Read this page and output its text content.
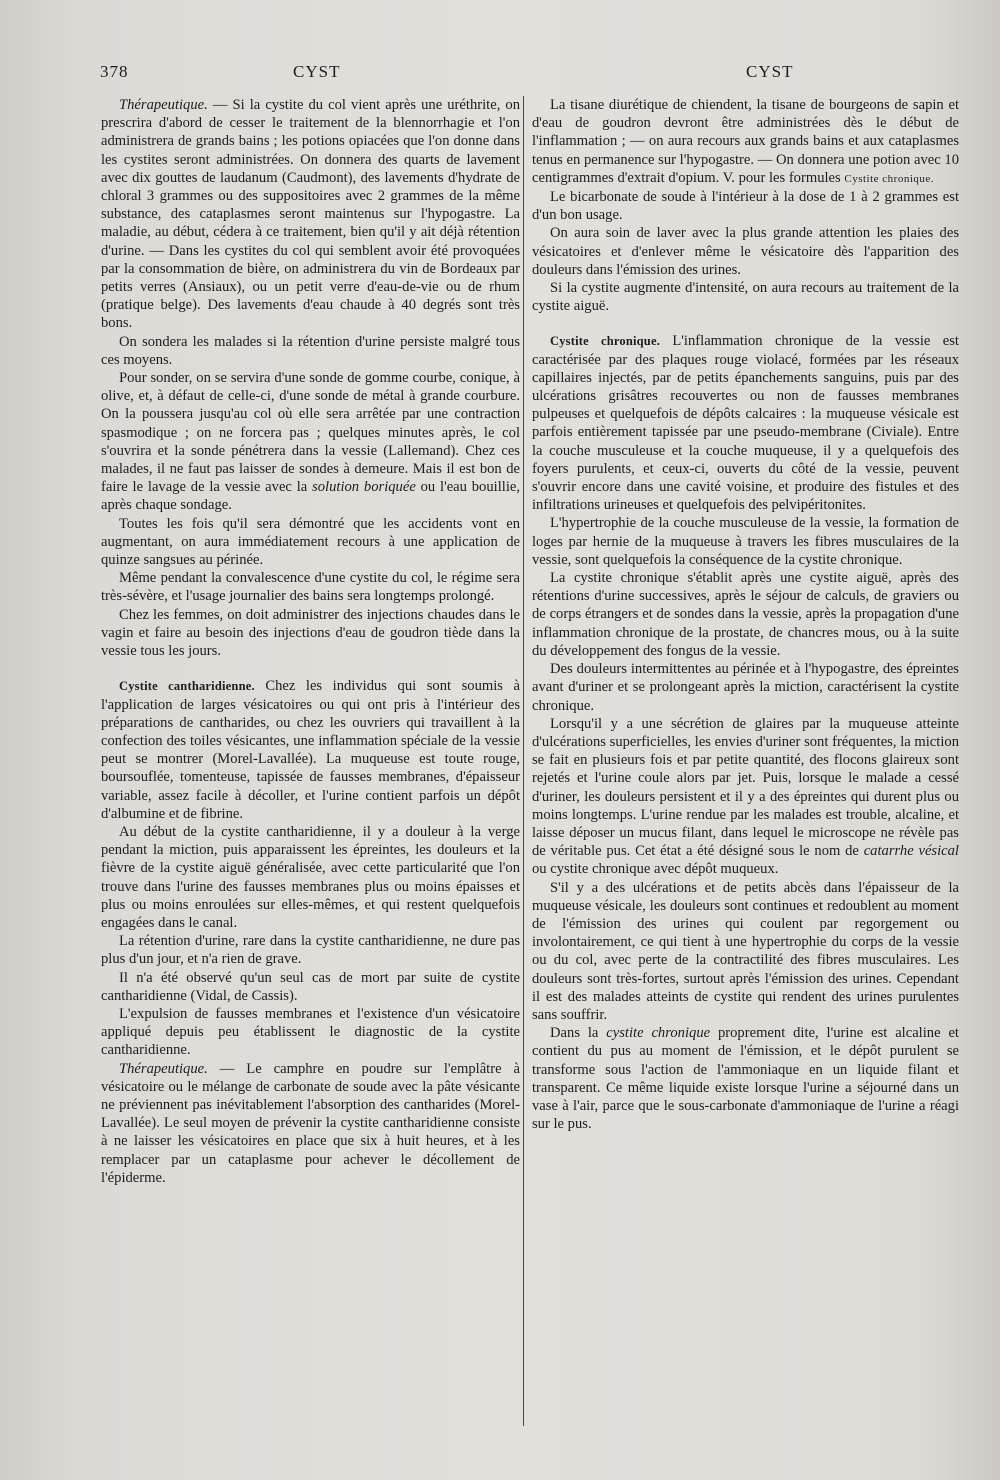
378	CYST	CYST

Thérapeutique. — Si la cystite du col vient après une uréthrite, on prescrira d'abord de cesser le traitement de la blennorrhagie et l'on administrera de grands bains ; les potions opiacées que l'on donne dans les cystites seront administrées. On donnera des quarts de lavement avec dix gouttes de laudanum (Caudmont), des lavements d'hydrate de chloral 3 grammes ou des suppositoires avec 2 grammes de la même substance, des cataplasmes seront maintenus sur l'hypogastre. La maladie, au début, cédera à ce traitement, bien qu'il y ait déjà rétention d'urine. — Dans les cystites du col qui semblent avoir été provoquées par la consommation de bière, on administrera du vin de Bordeaux par petits verres (Ansiaux), ou un petit verre d'eau-de-vie ou de rhum (pratique belge). Des lavements d'eau chaude à 40 degrés sont très bons.

On sondera les malades si la rétention d'urine persiste malgré tous ces moyens.

Pour sonder, on se servira d'une sonde de gomme courbe, conique, à olive, et, à défaut de celle-ci, d'une sonde de métal à grande courbure. On la poussera jusqu'au col où elle sera arrêtée par une contraction spasmodique ; on ne forcera pas ; quelques minutes après, le col s'ouvrira et la sonde pénétrera dans la vessie (Lallemand). Chez ces malades, il ne faut pas laisser de sondes à demeure. Mais il est bon de faire le lavage de la vessie avec la solution boriquée ou l'eau bouillie, après chaque sondage.

Toutes les fois qu'il sera démontré que les accidents vont en augmentant, on aura immédiatement recours à une application de quinze sangsues au périnée.

Même pendant la convalescence d'une cystite du col, le régime sera très-sévère, et l'usage journalier des bains sera longtemps prolongé.

Chez les femmes, on doit administrer des injections chaudes dans le vagin et faire au besoin des injections d'eau de goudron tiède dans la vessie tous les jours.

Cystite cantharidienne. Chez les individus qui sont soumis à l'application de larges vésicatoires ou qui ont pris à l'intérieur des préparations de cantharides, ou chez les ouvriers qui travaillent à la confection des toiles vésicantes, une inflammation spéciale de la vessie peut se montrer (Morel-Lavallée). La muqueuse est toute rouge, boursouflée, tomenteuse, tapissée de fausses membranes, d'épaisseur variable, assez facile à décoller, et l'urine contient parfois un dépôt d'albumine et de fibrine.

Au début de la cystite cantharidienne, il y a douleur à la verge pendant la miction, puis apparaissent les épreintes, les douleurs et la fièvre de la cystite aiguë généralisée, avec cette particularité que l'on trouve dans l'urine des fausses membranes plus ou moins épaisses et plus ou moins enroulées sur elles-mêmes, et qui restent quelquefois engagées dans le canal.

La rétention d'urine, rare dans la cystite cantharidienne, ne dure pas plus d'un jour, et n'a rien de grave.

Il n'a été observé qu'un seul cas de mort par suite de cystite cantharidienne (Vidal, de Cassis).

L'expulsion de fausses membranes et l'existence d'un vésicatoire appliqué depuis peu établissent le diagnostic de la cystite cantharidienne.

Thérapeutique. — Le camphre en poudre sur l'emplâtre à vésicatoire ou le mélange de carbonate de soude avec la pâte vésicante ne préviennent pas inévitablement l'absorption des cantharides (Morel-Lavallée). Le seul moyen de prévenir la cystite cantharidienne consiste à ne laisser les vésicatoires en place que six à huit heures, et à les remplacer par un cataplasme pour achever le décollement de l'épiderme.

La tisane diurétique de chiendent, la tisane de bourgeons de sapin et d'eau de goudron devront être administrées dès le début de l'inflammation ; — on aura recours aux grands bains et aux cataplasmes tenus en permanence sur l'hypogastre. — On donnera une potion avec 10 centigrammes d'extrait d'opium. V. pour les formules Cystite chronique.

Le bicarbonate de soude à l'intérieur à la dose de 1 à 2 grammes est d'un bon usage.

On aura soin de laver avec la plus grande attention les plaies des vésicatoires et d'enlever même le vésicatoire dès l'apparition des douleurs dans l'émission des urines.

Si la cystite augmente d'intensité, on aura recours au traitement de la cystite aiguë.

Cystite chronique. L'inflammation chronique de la vessie est caractérisée par des plaques rouge violacé, formées par les réseaux capillaires injectés, par de petits épanchements sanguins, puis par des ulcérations grisâtres recouvertes ou non de fausses membranes pulpeuses et quelquefois de dépôts calcaires : la muqueuse vésicale est parfois entièrement tapissée par une pseudo-membrane (Civiale). Entre la couche musculeuse et la couche muqueuse, il y a quelquefois des foyers purulents, et ceux-ci, ouverts du côté de la vessie, peuvent s'ouvrir encore dans une cavité voisine, et produire des fistules et des infiltrations urineuses et quelquefois des pelvipéritonites.

L'hypertrophie de la couche musculeuse de la vessie, la formation de loges par hernie de la muqueuse à travers les fibres musculaires de la vessie, sont quelquefois la conséquence de la cystite chronique.

La cystite chronique s'établit après une cystite aiguë, après des rétentions d'urine successives, après le séjour de calculs, de graviers ou de corps étrangers et de sondes dans la vessie, après la propagation d'une inflammation chronique de la prostate, de chancres mous, ou à la suite du développement des fongus de la vessie.

Des douleurs intermittentes au périnée et à l'hypogastre, des épreintes avant d'uriner et se prolongeant après la miction, caractérisent la cystite chronique.

Lorsqu'il y a une sécrétion de glaires par la muqueuse atteinte d'ulcérations superficielles, les envies d'uriner sont fréquentes, la miction se fait en plusieurs fois et par petite quantité, des flocons glaireux sont rejetés et l'urine coule alors par jet. Puis, lorsque le malade a cessé d'uriner, les douleurs persistent et il y a des épreintes qui durent plus ou moins longtemps. L'urine rendue par les malades est trouble, alcaline, et laisse déposer un mucus filant, dans lequel le microscope ne révèle pas de véritable pus. Cet état a été désigné sous le nom de catarrhe vésical ou cystite chronique avec dépôt muqueux.

S'il y a des ulcérations et de petits abcès dans l'épaisseur de la muqueuse vésicale, les douleurs sont continues et redoublent au moment de l'émission des urines qui coulent par regorgement ou involontairement, ce qui tient à une hypertrophie du corps de la vessie ou du col, avec perte de la contractilité des fibres musculaires. Les douleurs sont très-fortes, surtout après l'émission des urines. Cependant il est des malades atteints de cystite qui rendent des urines purulentes sans souffrir.

Dans la cystite chronique proprement dite, l'urine est alcaline et contient du pus au moment de l'émission, et le dépôt purulent se transforme sous l'action de l'ammoniaque en un liquide filant et transparent. Ce même liquide existe lorsque l'urine a séjourné dans un vase à l'air, parce que le sous-carbonate d'ammoniaque de l'urine a réagi sur le pus.
